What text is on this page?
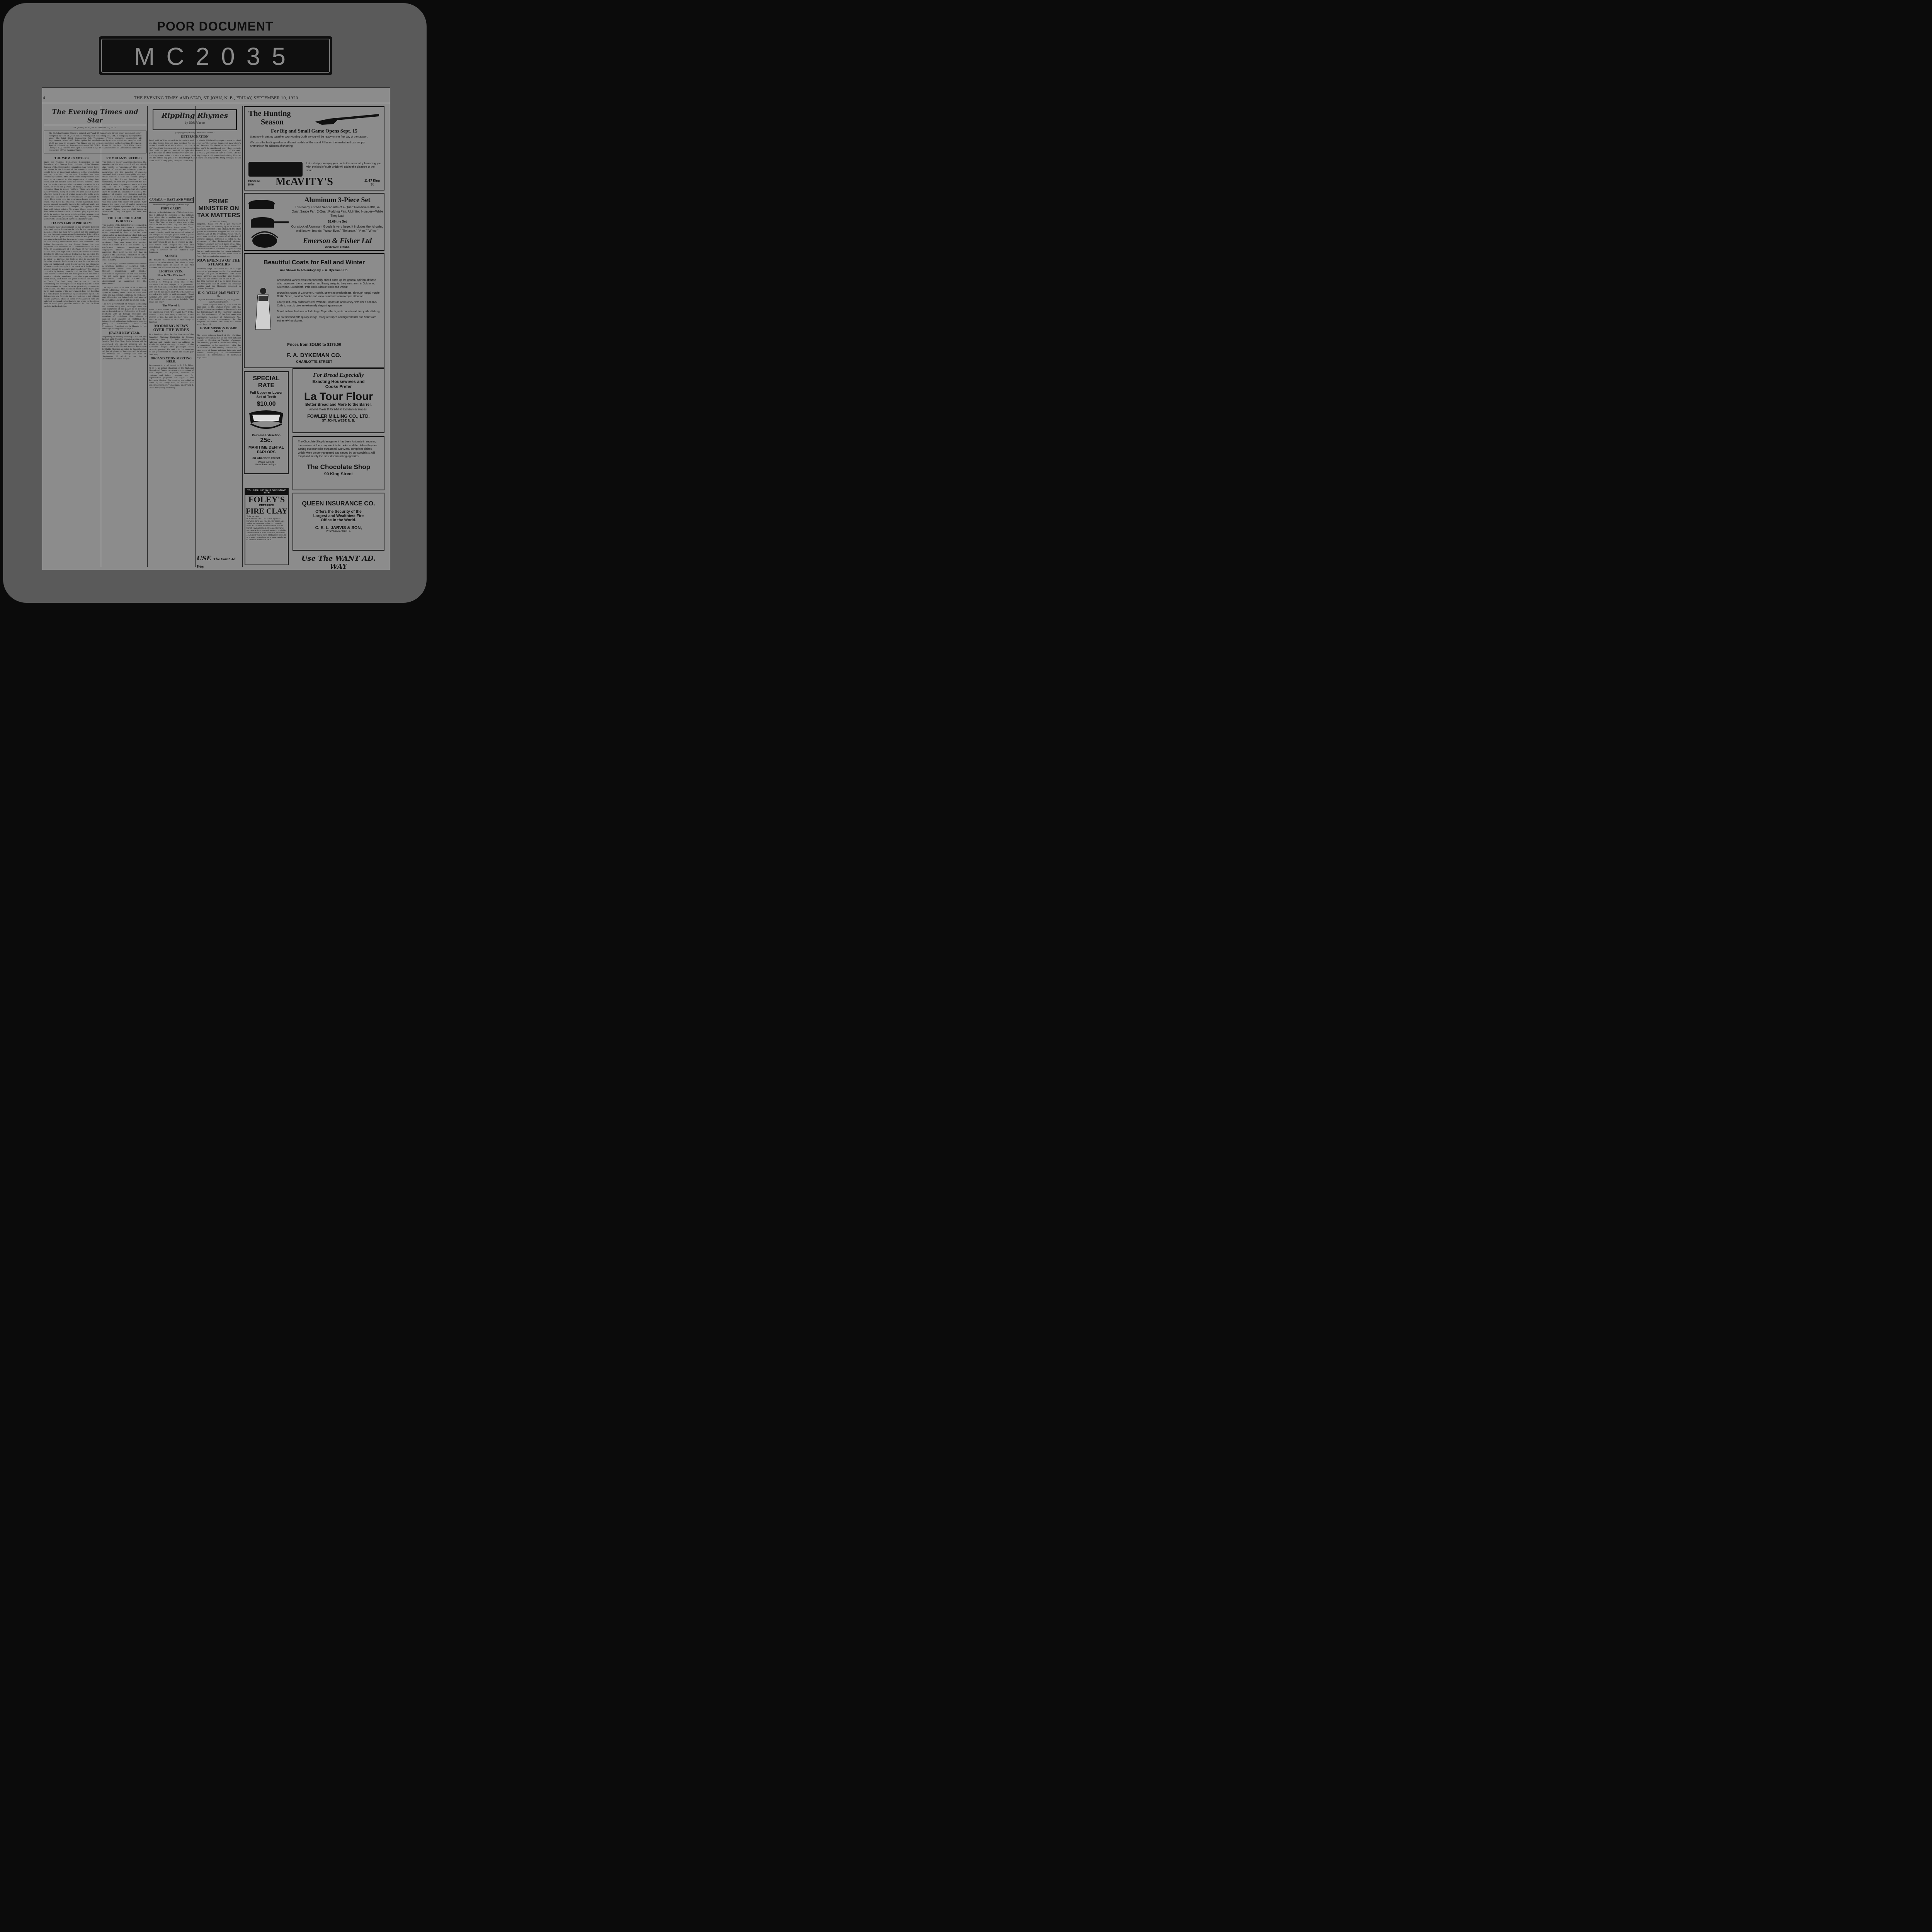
POOR DOCUMENT
MC2035
4	THE EVENING TIMES AND STAR, ST. JOHN, N. B., FRIDAY, SEPTEMBER 10, 1920
The Evening Times and Star
ST. JOHN, N. B., SEPTEMBER 10, 1920.
The St. John Evening Times is printed at 27 and 29 Canterbury Street, every evening (Sunday excepted) by The St. John Times Printing and Publishing Co., Ltd., a company incorporated under the Joint Stock Companies Act. Telephones—Private exchange connecting all departments, Main 2417. Subscription Prices—Delivered by carrier, $4.00 per year; by mail, $3.00 per year in advance. The Times has the largest circulation in the Maritime Provinces. Special Advertising Representatives—NEW YORK, Frank R. Northrup, 303 Fifth Ave.—Chicago, E. J. Powers, Manager, Association Bldg. The Audit Bureau of Circulation audits the circulation of The Evening Times.
THE WOMEN VOTERS
Since the National Democratic Convention in San Francisco, Mrs. George Bass, chairman of the Women's Bureau of the Democratic committee, has visited forty-two states in the interest of the women's vote, which should have an important influence in the presidential election, now that the national franchise has been secured by women. Mrs. Bass found many women who need to be aroused to the importance of using their votes, and she divides them into several classes. There are the society women who are more interested in the races, or week-end parties, or bridge, or other social concerns, than in public welfare. There are also the factory women, many of whom are keen about matters affecting labor, but need urging to go to the polls, while others are too tired or overburdened or ignorant to care. Then there are the apartment-house women in cities, who have no children; whose husbands make money enough to enable them to live without work, and who have some 'mentality lumpish,' occupying leisure time with trivial affairs. To arouse these women Mrs. Bass believes the women's clubs must play a great part, while in society the more public-spirited women must exert themselves judiciously, and among the factory workers the unions must carry on educative work.
ITALY'S LABOR PROBLEM
An amazing new development in the struggle between labor and capital has arisen in Italy. In the metal trades in some cities the men have locked out the employers and are themselves operating the factories. It is as if the owner of a St. John industry went to his plant some morning to be told that he was no longer needed, except as one taking instructions from the workmen. The Italian Ambassador to the United States has thus explained the situation in a communication to New York: 'In consequence of a shortage of raw materials, lack of coal, and high cost of labor, the metal industries decided to effect a lockout. Following this decision the workers seized the factories at Milan, Turin and Genoa in order to prevent the lockout and to operate the factories directly. Such move is a new form of struggle between capital and labor, but preserves the character of an economic struggle, in as much as it is developing without resort to violence and bloodshed.' The plan of control is by factory councils, and the New York Times says that the owners for the most part have assumed a passive attitude, confident that the experiment will break down, as it did in the great works of the Massons in Turin. The first thing that occurs to one in considering the developments in Italy is that the action of the workers in these factories practically amounts to confiscation, and that Socialism must indeed have gone far in that country if the government does not feel that it is called upon to intervene. Spain is herself again. She did not win any figure in the war, but she is not without valiant warriors. There of three were awarded ears and tails last week and called back to the arena in the city of Murcia amid great popular acclaim for their brilliant exploits in the bull-ring.
STIMULANTS NEEDED.
The Globe is deeply concerned because the members of the city council will not attach due weight to 'assurances.' Has not the minister of marine and fisheries given our assurance, and the minister of customs another? And are not these glibly eloquent? What matters it that the solemn pledges given by Sir Robert Borden is still unfulfilled, or that the government has not fulfilled a solemn agreement made with the city in 1911? Pledges and signed agreements may be broken, but who would dare to doubt an assurance? Besides, the minister of marine and fisheries and the minister of customs will hold office forever, and there is not a shadow of fear that they will ever arise who knew not Joseph. Why ignore the pure gold of verbal assurance because a signed agreement is but a scrap of paper? Behold how we shall fatten on assurances. They are good for man and beast.
THE CHURCHES AND INDUSTRY.
The leaders of the Interchurch Movement in the United States are urging a commission of enquiry to avert another steel strike. A report prepared by them in the last steel strike, after an investigation which followed that struggle, was fiercely assailed by the steel company as quite too favorable to the workmen. They now assert that another strike will come if it is not averted by a conference between employees and employers under federal government auspices. They point to the fact that on August 8 the American Federation of Labor decided to make a new drive to organize the steel industry.
The Globe says: 'Harbor commission offered a practical method of securing harbor development under local control, but through government aid.' Harbor commission as proposed is not local control. The act takes away local control. The commission could only proceed with development as approved by the government.
The city of Buffalo is said to be in need of 2,500 additional houses, Rochester, from 5,500 to 6,000; other cities in New York state are in a similar condition. In Rochester only thirty-five are being built, and most of these will be sold at $7,000 to $9,000 each.
The new government of Mexico is meeting its troubles fairly well, although there are still disturbers of the peace to be rounded up. A despatch says: 'Cultivation of friendly relations with all foreign countries and creation of confidence that Mexico is anxious and capable of fulfilling her international obligations is the government's policy in international affairs, said Provisional President de la Huerta in his message to congress on Sept. 1.'
JEWISH NEW YEAR.
Beginning on Sunday evening at sun set and lasting until Tuesday evening at sun set the Jewish Civil New Year, Rosh Ashona will be celebrated and special services will be conducted in the Hazen avenue Synagogue by Rabbi Fletcher as sisted by Rabbi Levine. All Jewish places of business will be closed on Monday and Tuesday and also on September 22 which is the day of Atonement or Yom's Kipper.
Rippling Rhymes
by Walt Mason
(Copyright by George Matthew Adams.)
DETERMINATION
Jonah said he'd bet some kale he could travel in a whale. All the village sports were shocked and they jeered him and they mocked: 'No one ever yet,' they cried, 'journeyed in a whale's inside. It would be all kinds of fun, but, alas, it can't be done. For the fish's throat so small it can't hold big things at all; even if you got inside, you'd be smothered now,' they chirped. 'You could not get out, and all too tight that stomach vault,' answered Jonah, off the reel. 'Just because no other mortal ever travelled in a whale, you insist it can't be done. Oft the doubting crowd cries out, fish is so small, hold big things at all, even the doubting Thomas and the others say, Jonah, but I'll attempt it, and you'll see. I'll play the thing through, doubt or no, and I'll keep going though cranks bray.'
CANADA — EAST AND WEST
Dominion Happenings of Other Days
FORT GARRY.
Visitors to the thriving city of Winnipeg today find it difficult to conceive of the difficult days when the struggling post where the great city stands now was known as Fort Garry. The West of the old days was in the hands of the Hudson's Bay and the North West companies—bitter trade rivals. Their fur-trading posts became objectives for armed attacks, until the eventual union of the companies brought peace. Such a place was Fort Garry. Old Fort Garry was the seat of what government there was in the west in the early times. It had been erected in 1821 after which Fort Douglas was sold and abandoned. It was named after Nicholas Garry, a director of the Hudson's Bay Company.
SUSSEX
The flowers that blossom in Sussex, they blossom no otherwhere; The winds of only Sussex blow quite so sweet an air; And nowhere out of Sussex are any hills so fair.
LIGHTER VEIN.
How Is The Chicken?
While the Methodist Conference was meeting in Winnipeg lately one of the ministers had late supper at a prominent café and had some extra fine chicken served him. Next evening he took three brethren with him to the place, and when the waitress arrived at the table he said pleasantly: 'Good evening! And how is the chicken tonight?' 'Pite, kiddo!' she answered, as brightly, 'And how's the boy?'
The Way of It
When a man meets a girl, he asks himself two questions. First: 'Do I want her?' If the answer is 'No,' that story is finished. If the answer is 'Yes,' he asks another: 'Can I get her?' If the answer is 'No,' that story is finished.
MORNING NEWS OVER THE WIRES
At a luncheon given by the directors of the Canadian National Exhibition in Toronto yesterday, Hon. J. D. Reid, minister of railways and canals, gave an address in which he spoke strongly in favor of the increased freight and passenger rates recently granted. He said it is the intention of the government to make the roads pay their way.
ORGANIZATION MEETING HELD.
In response to a call issued by L. P. D. Tilley, M. P. P., as acting chairman of the National Liberal and Conservative party, supporters of Hon. Rupert W. Wigmore, minister of customs and inland revenue, met for organization purposes last night at the Seamen's Mission. The meeting was called to order by Mr. Tilley who, on motion, was appointed temporary chairman, and Frank T. Lewis temporary secretary.
PRIME MINISTER ON TAX MATTERS
(Canadian Press)
Kingston, Sept. 10—At a get together banquet here last evening by W. H. Givens, managing director of the Standard, the chief guests were Premier Meighen and Sir Henry Drayton and at the Frontenac Club, where about one hundred guests of all shades of political opinion, gathered to listen to the addresses of the distinguished visitors, Premier Meighen devoted most of his time to discussing from all its angles, speaking of the methods which had been adopted during the war and comparing the course taken by the Dominion with what had been done in Great Britain and other countries.
MOVEMENTS OF THE STEAMERS
Montreal, Sept. 10—There will be a large amount of passenger traffic this week-end through the port of Montreal, with three liners arriving on Saturday and Sunday. They are the Protesilaus of the C. P. O. S. due this morning at 8 a. m. from Glasgow, the Metagama due at Quebec on Saturday evening and the Megantic expected in Quebec Saturday.
H. G. WELLS' MAY VISIT U. S.
English Novelist Expected to Join Pilgrims' Landing Delegation.
H. G. Wells, English novelist, may make his first visit to the United States with the British delegation coming to help celebrate the tercentenary of the Pilgrims' Landing and the anniversary of the first American Legislative Assembly at Jamestown, Va., according to an announcement by the Sulgrave Institution. The party will arrive about Sept. 18.
HOME MISSION BOARD MEET
The home mission board of the Maritime Baptist Convention met in the first national church in Moncton on Tuesday afternoon. The meeting passed a resolution calling for a committee to be appointed, with the ratification of the coming convention, to take care of home mission interests and prevent overlapping of denominational interests in communities of restricted population.
USE The Want Ad Way
The Hunting
Season
For Big and Small Game Opens Sept. 15
Start now in getting together your Hunting Outfit so you will be ready on the first day of the season.
We carry the leading makes and latest models of Guns and Rifles on the market and can supply Ammunition for all kinds of shooting.
Let us help you enjoy your hunts this season by furnishing you with the kind of outfit which will add to the pleasure of the sport.
'Phone M. 2540	McAVITY'S	11-17 King St
Aluminum 3-Piece Set
This handy Kitchen Set consists of 4-Quart Preserve Kettle, 4-Quart Sauce Pan, 2-Quart Pudding Pan. A Limited Number—While They Last
$3.69 the Set
Our stock of Aluminum Goods is very large. It includes the following well known brands: "Wear-Ever," "Reliance," "Viko," "Wrico."
Emerson & Fisher Ltd
25 GERMAIN STREET.
Beautiful Coats for Fall and Winter
Are Shown to Advantage by F. A. Dykeman Co.
A wonderful variety most economically priced sums up the general opinion of those who have seen them. In medium and heavy weights, they are shown in Goldtone, Silvertone, Broadcloth, Polo cloth, Blanket cloth and Velour.
Brown in shades of Cinnamon, Rookie, seems to predominate, although Regal Purple, Bottle Green, London Smoke and various mixtures claim equal attention.
Lovely soft, cosy collars of Seal, Wombat, Opossum and Coney, with deep turnback Cuffs to match, give an extremely elegant appearance.
Novel fashion features include large Cape effects, wide panels and fancy silk stitching.
All are finished with quality linings, many of striped and figured Silks and Satins are extremely handsome.
Prices from $24.50 to $175.00
F. A. DYKEMAN CO.
CHARLOTTE STREET
SPECIAL RATE
Full Upper or Lower Set of Teeth
$10.00
Painless Extraction
25c.
MARITIME DENTAL PARLORS
38 Charlotte Street
Phone 2789-21
Hours 9 a.m. to 9 p.m.
YOU CAN LINE YOUR OWN STOVE WITH
FOLEY'S
PREPARED
FIRE CLAY
To be had at—
W. H. Thorne & Co., Ltd., Market Square. T. McAvity & Sons, Ltd., King St. J. E. Wilson, Ltd., Sydney St. Emerson & Fisher, Ltd., Germain Street. D. J. Barrett, 155 Union Street. Geo. W. Morrell, Haymarket Sq. J. M. Logan, Haymarket Sq. Quinn and Co., 415 Main Street. C. H. Ritchie, 320 Main Street. P. Nase & Son, Ltd., Indiantown. J. A. Lipsett, Variety Store, 283 Brussels Street. H. G. Enslow, 1 Brussels Street. J. Stout, Fairville. W. E. Emerson, 81 Union St., W. E.
For Bread Especially
Exacting Housewives and Cooks Prefer
La Tour Flour
Better Bread and More to the Barrel.
Phone West 8 for Mill to Consumer Prices.
FOWLER MILLING CO., LTD.
ST. JOHN, WEST, N. B.
The Chocolate Shop Management has been fortunate in securing the services of four competent lady cooks, and the dishes they are turning out cannot be surpassed. Our Menu comprises dishes which when properly prepared and served by our specialists, will tempt and satisfy the most discriminating appetites.
The Chocolate Shop
90 King Street
QUEEN INSURANCE CO.
Offers the Security of the
Largest and Wealthiest Fire
Office in the World.
C. E. L. JARVIS & SON,
PROVINCIAL AGENTS.
Use The WANT AD. WAY
